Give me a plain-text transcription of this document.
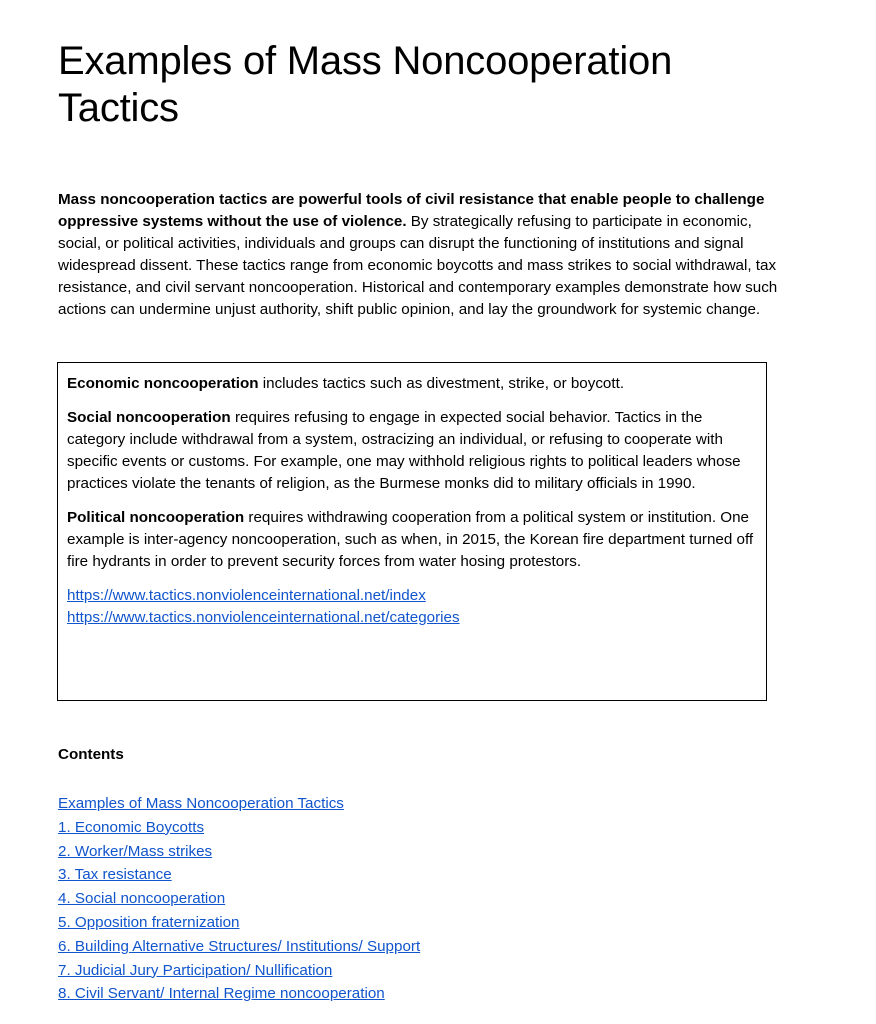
Examples of Mass Noncooperation Tactics

Mass noncooperation tactics are powerful tools of civil resistance that enable people to challenge oppressive systems without the use of violence. By strategically refusing to participate in economic, social, or political activities, individuals and groups can disrupt the functioning of institutions and signal widespread dissent. These tactics range from economic boycotts and mass strikes to social withdrawal, tax resistance, and civil servant noncooperation. Historical and contemporary examples demonstrate how such actions can undermine unjust authority, shift public opinion, and lay the groundwork for systemic change.

Economic noncooperation includes tactics such as divestment, strike, or boycott.

Social noncooperation requires refusing to engage in expected social behavior. Tactics in the category include withdrawal from a system, ostracizing an individual, or refusing to cooperate with specific events or customs. For example, one may withhold religious rights to political leaders whose practices violate the tenants of religion, as the Burmese monks did to military officials in 1990.

Political noncooperation requires withdrawing cooperation from a political system or institution. One example is inter-agency noncooperation, such as when, in 2015, the Korean fire department turned off fire hydrants in order to prevent security forces from water hosing protestors.

https://www.tactics.nonviolenceinternational.net/index
https://www.tactics.nonviolenceinternational.net/categories

Contents
Examples of Mass Noncooperation Tactics
1. Economic Boycotts
2. Worker/Mass strikes
3. Tax resistance
4. Social noncooperation
5. Opposition fraternization
6. Building Alternative Structures/ Institutions/ Support
7. Judicial Jury Participation/ Nullification
8. Civil Servant/ Internal Regime noncooperation
